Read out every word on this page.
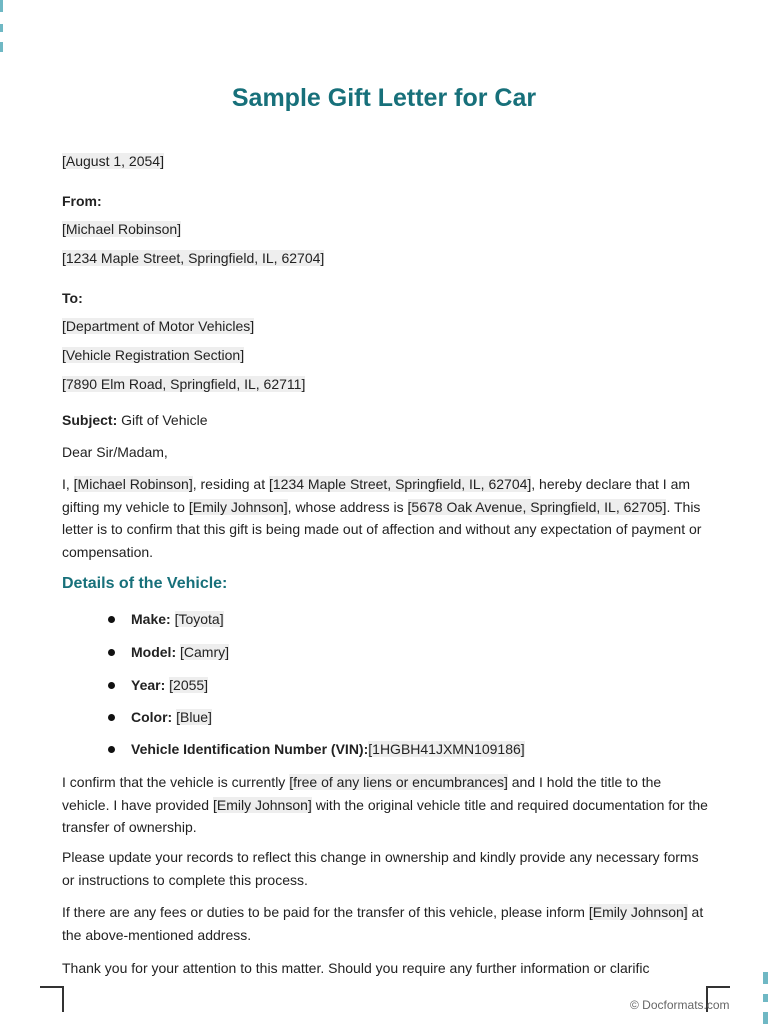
Sample Gift Letter for Car
[August 1, 2054]
From:
[Michael Robinson]
[1234 Maple Street, Springfield, IL, 62704]
To:
[Department of Motor Vehicles]
[Vehicle Registration Section]
[7890 Elm Road, Springfield, IL, 62711]
Subject: Gift of Vehicle
Dear Sir/Madam,

I, [Michael Robinson], residing at [1234 Maple Street, Springfield, IL, 62704], hereby declare that I am gifting my vehicle to [Emily Johnson], whose address is [5678 Oak Avenue, Springfield, IL, 62705]. This letter is to confirm that this gift is being made out of affection and without any expectation of payment or compensation.

Details of the Vehicle:
Make: [Toyota]
Model: [Camry]
Year: [2055]
Color: [Blue]
Vehicle Identification Number (VIN):[1HGBH41JXMN109186]

I confirm that the vehicle is currently [free of any liens or encumbrances] and I hold the title to the vehicle. I have provided [Emily Johnson] with the original vehicle title and required documentation for the transfer of ownership.

Please update your records to reflect this change in ownership and kindly provide any necessary forms or instructions to complete this process.

If there are any fees or duties to be paid for the transfer of this vehicle, please inform [Emily Johnson] at the above-mentioned address.

Thank you for your attention to this matter. Should you require any further information or clarific
© Docformats.com
